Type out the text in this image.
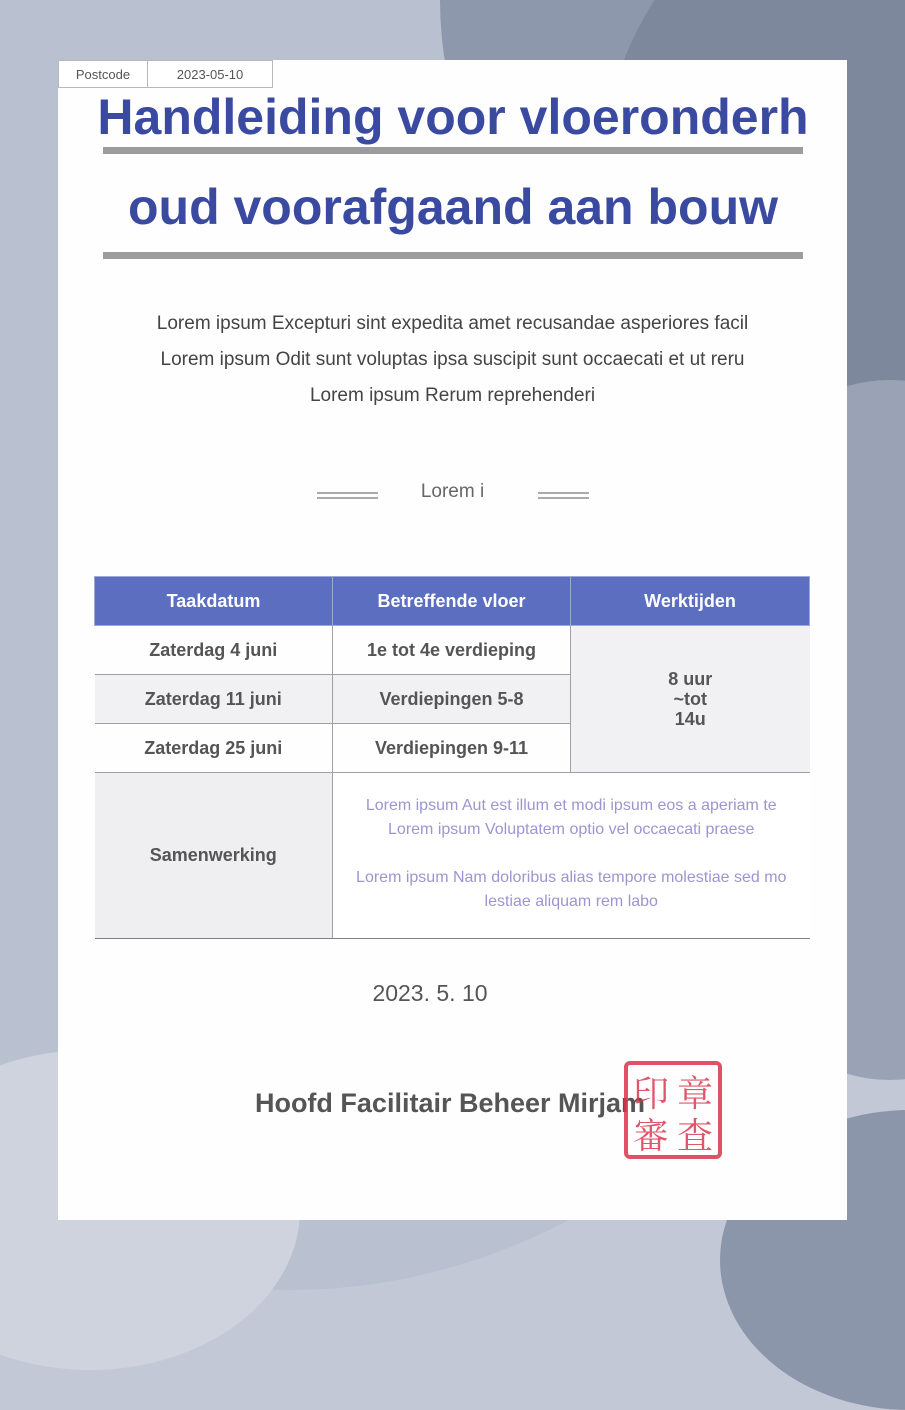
Postcode	2023-05-10
Handleiding voor vloeronderhoud voorafgaand aan bouw
Lorem ipsum Excepturi sint expedita amet recusandae asperiores facil
Lorem ipsum Odit sunt voluptas ipsa suscipit sunt occaecati et ut reru
Lorem ipsum Rerum reprehenderi
Lorem i
Taakdatum	Betreffende vloer	Werktijden
Zaterdag 4 juni	1e tot 4e verdieping	8 uur
~tot
14u

Zaterdag 11 juni	Verdiepingen 5-8	
Zaterdag 25 juni	Verdiepingen 9-11	
Samenwerking	Lorem ipsum Aut est illum et modi ipsum eos a aperiam te

Lorem ipsum Voluptatem optio vel occaecati praese

Lorem ipsum Nam doloribus alias tempore molestiae sed mo

lestiae aliquam rem labo	

2023. 5. 10
Hoofd Facilitair Beheer Mirjam
印 章
審 査
